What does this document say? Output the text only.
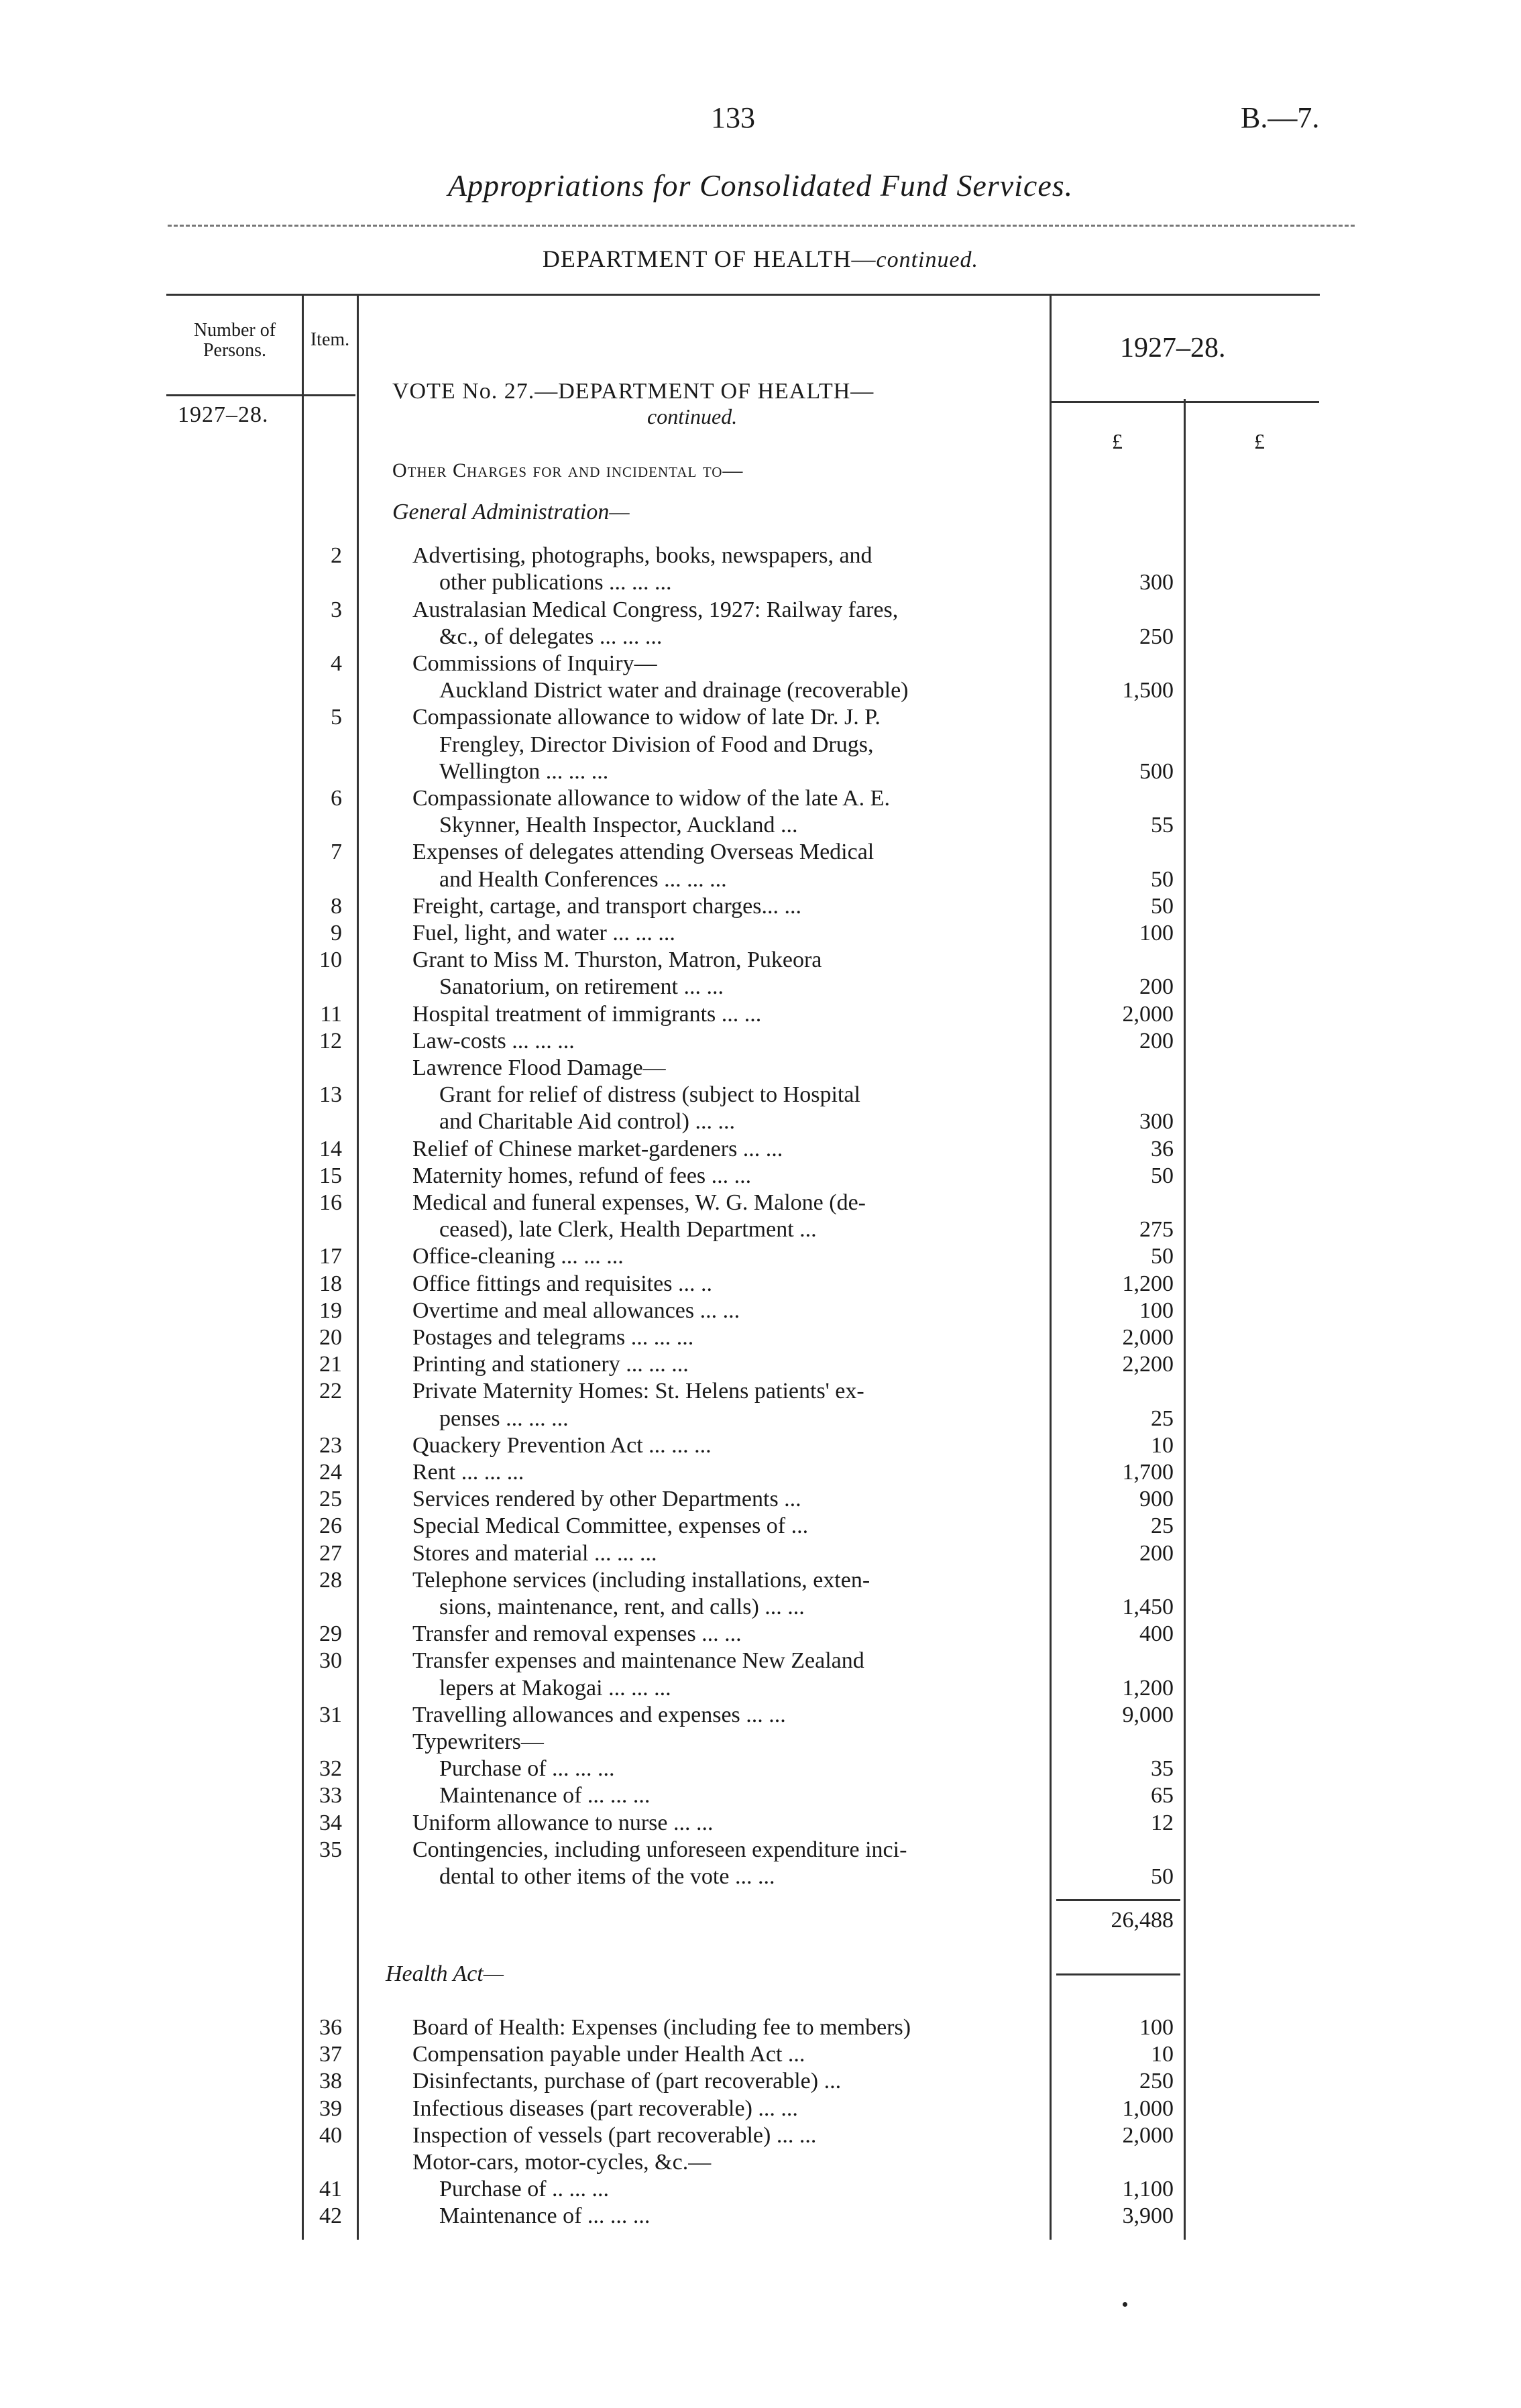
133	B.—7.
Appropriations for Consolidated Fund Services.
DEPARTMENT OF HEALTH—continued.
Number of Persons.
Item.	1927–28.
1927–28.
VOTE No. 27.—DEPARTMENT OF HEALTH—
continued.
£	£
Other Charges for and incidental to—
General Administration—
2	Advertising, photographs, books, newspapers, and
other publications ... ... ...	300
3	Australasian Medical Congress, 1927: Railway fares,
&c., of delegates ... ... ...	250
4	Commissions of Inquiry—
Auckland District water and drainage (recoverable)	1,500
5	Compassionate allowance to widow of late Dr. J. P.
Frengley, Director Division of Food and Drugs,
Wellington ... ... ...	500
6	Compassionate allowance to widow of the late A. E.
Skynner, Health Inspector, Auckland ...	55
7	Expenses of delegates attending Overseas Medical
and Health Conferences ... ... ...	50
8	Freight, cartage, and transport charges... ...	50
9	Fuel, light, and water ... ... ...	100
10	Grant to Miss M. Thurston, Matron, Pukeora
Sanatorium, on retirement ... ...	200
11	Hospital treatment of immigrants ... ...	2,000
12	Law-costs ... ... ...	200
Lawrence Flood Damage—
13	Grant for relief of distress (subject to Hospital
and Charitable Aid control) ... ...	300
14	Relief of Chinese market-gardeners ... ...	36
15	Maternity homes, refund of fees ... ...	50
16	Medical and funeral expenses, W. G. Malone (de-
ceased), late Clerk, Health Department ...	275
17	Office-cleaning ... ... ...	50
18	Office fittings and requisites ... ..	1,200
19	Overtime and meal allowances ... ...	100
20	Postages and telegrams ... ... ...	2,000
21	Printing and stationery ... ... ...	2,200
22	Private Maternity Homes: St. Helens patients' ex-
penses ... ... ...	25
23	Quackery Prevention Act ... ... ...	10
24	Rent ... ... ...	1,700
25	Services rendered by other Departments ...	900
26	Special Medical Committee, expenses of ...	25
27	Stores and material ... ... ...	200
28	Telephone services (including installations, exten-
sions, maintenance, rent, and calls) ... ...	1,450
29	Transfer and removal expenses ... ...	400
30	Transfer expenses and maintenance New Zealand
lepers at Makogai ... ... ...	1,200
31	Travelling allowances and expenses ... ...	9,000
Typewriters—
32	Purchase of ... ... ...	35
33	Maintenance of ... ... ...	65
34	Uniform allowance to nurse ... ...	12
35	Contingencies, including unforeseen expenditure inci-
dental to other items of the vote ... ...	50
26,488
Health Act—
36	Board of Health: Expenses (including fee to members)	100
37	Compensation payable under Health Act ...	10
38	Disinfectants, purchase of (part recoverable) ...	250
39	Infectious diseases (part recoverable) ... ...	1,000
40	Inspection of vessels (part recoverable) ... ...	2,000
Motor-cars, motor-cycles, &c.—
41	Purchase of .. ... ...	1,100
42	Maintenance of ... ... ...	3,900
